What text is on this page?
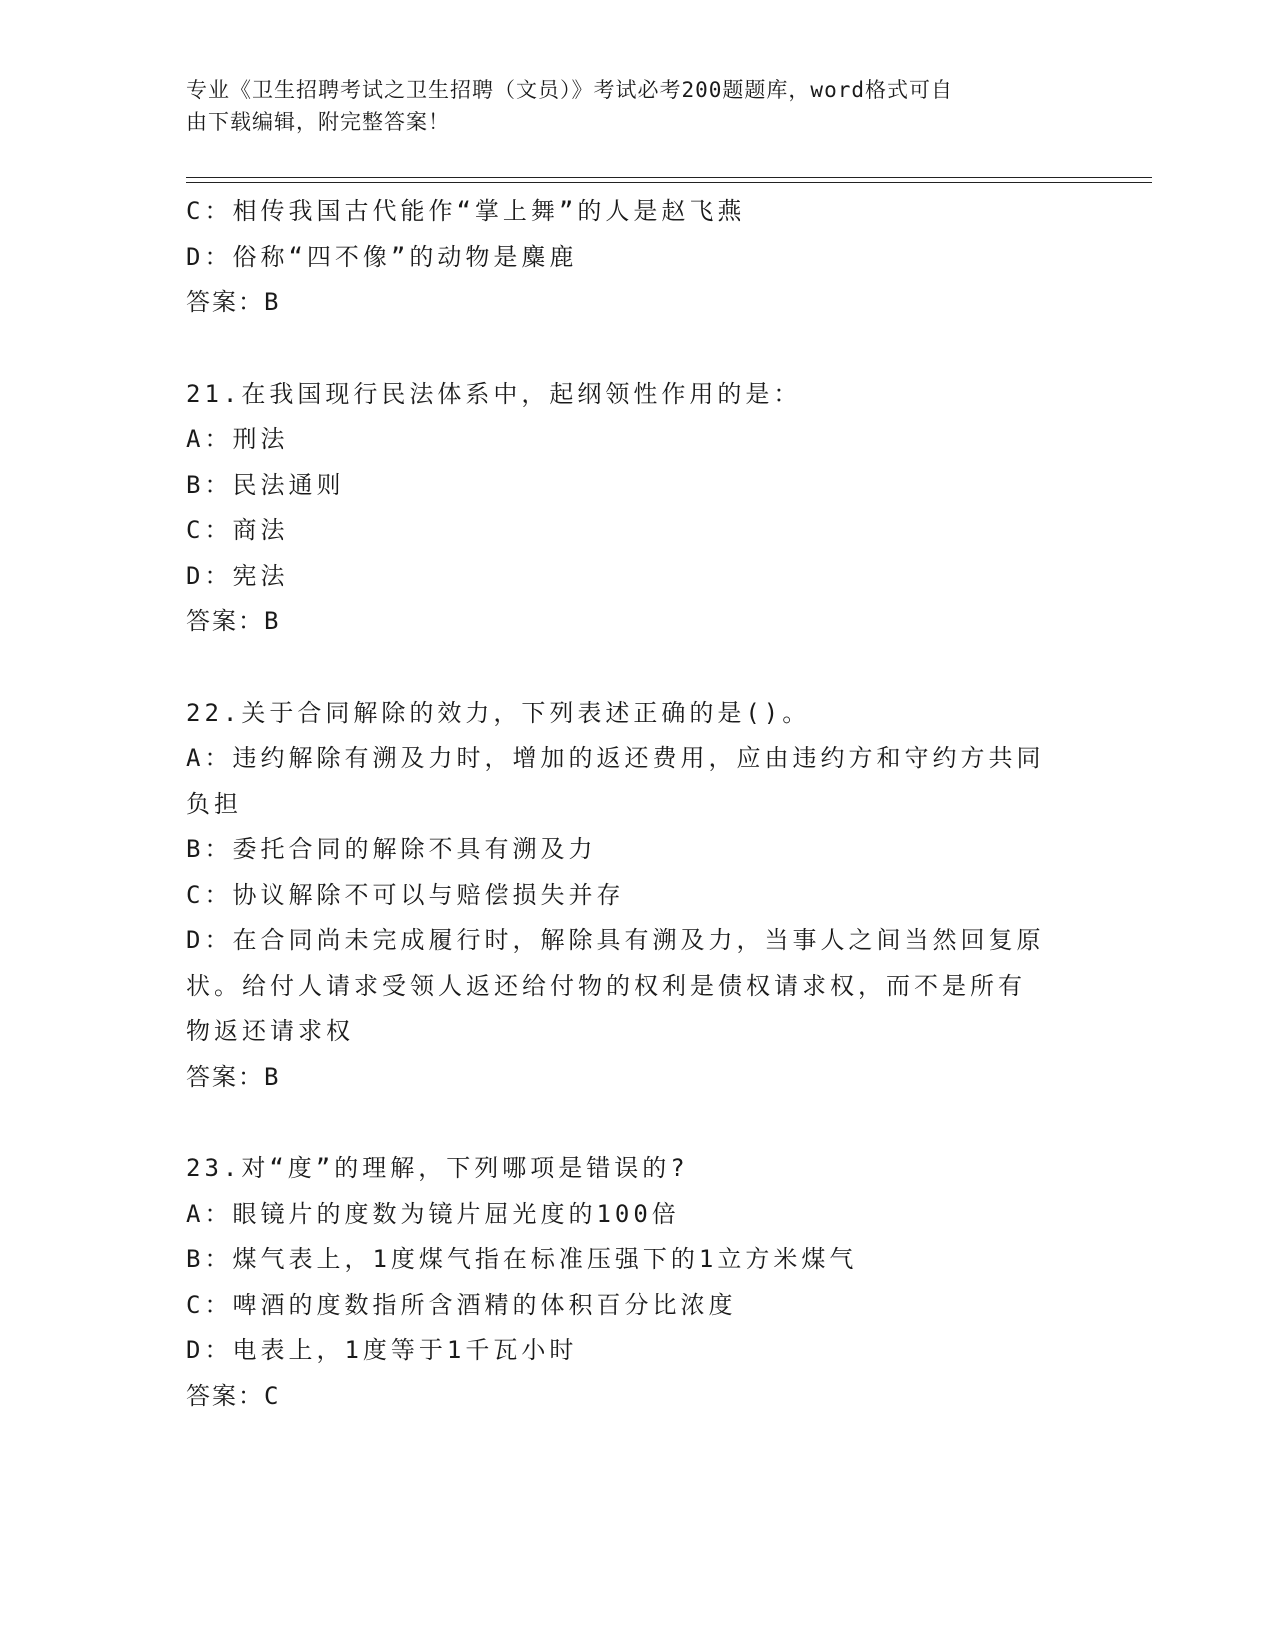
专业《卫生招聘考试之卫生招聘（文员）》考试必考200题题库，word格式可自
由下载编辑，附完整答案！
C：相传我国古代能作“掌上舞”的人是赵飞燕
D：俗称“四不像”的动物是麋鹿
答案：B
21.在我国现行民法体系中，起纲领性作用的是：
A：刑法
B：民法通则
C：商法
D：宪法
答案：B
22.关于合同解除的效力，下列表述正确的是()。
A：违约解除有溯及力时，增加的返还费用，应由违约方和守约方共同
负担
B：委托合同的解除不具有溯及力
C：协议解除不可以与赔偿损失并存
D：在合同尚未完成履行时，解除具有溯及力，当事人之间当然回复原
状。给付人请求受领人返还给付物的权利是债权请求权，而不是所有
物返还请求权
答案：B
23.对“度”的理解，下列哪项是错误的?
A：眼镜片的度数为镜片屈光度的100倍
B：煤气表上，1度煤气指在标准压强下的1立方米煤气
C：啤酒的度数指所含酒精的体积百分比浓度
D：电表上，1度等于1千瓦小时
答案：C
